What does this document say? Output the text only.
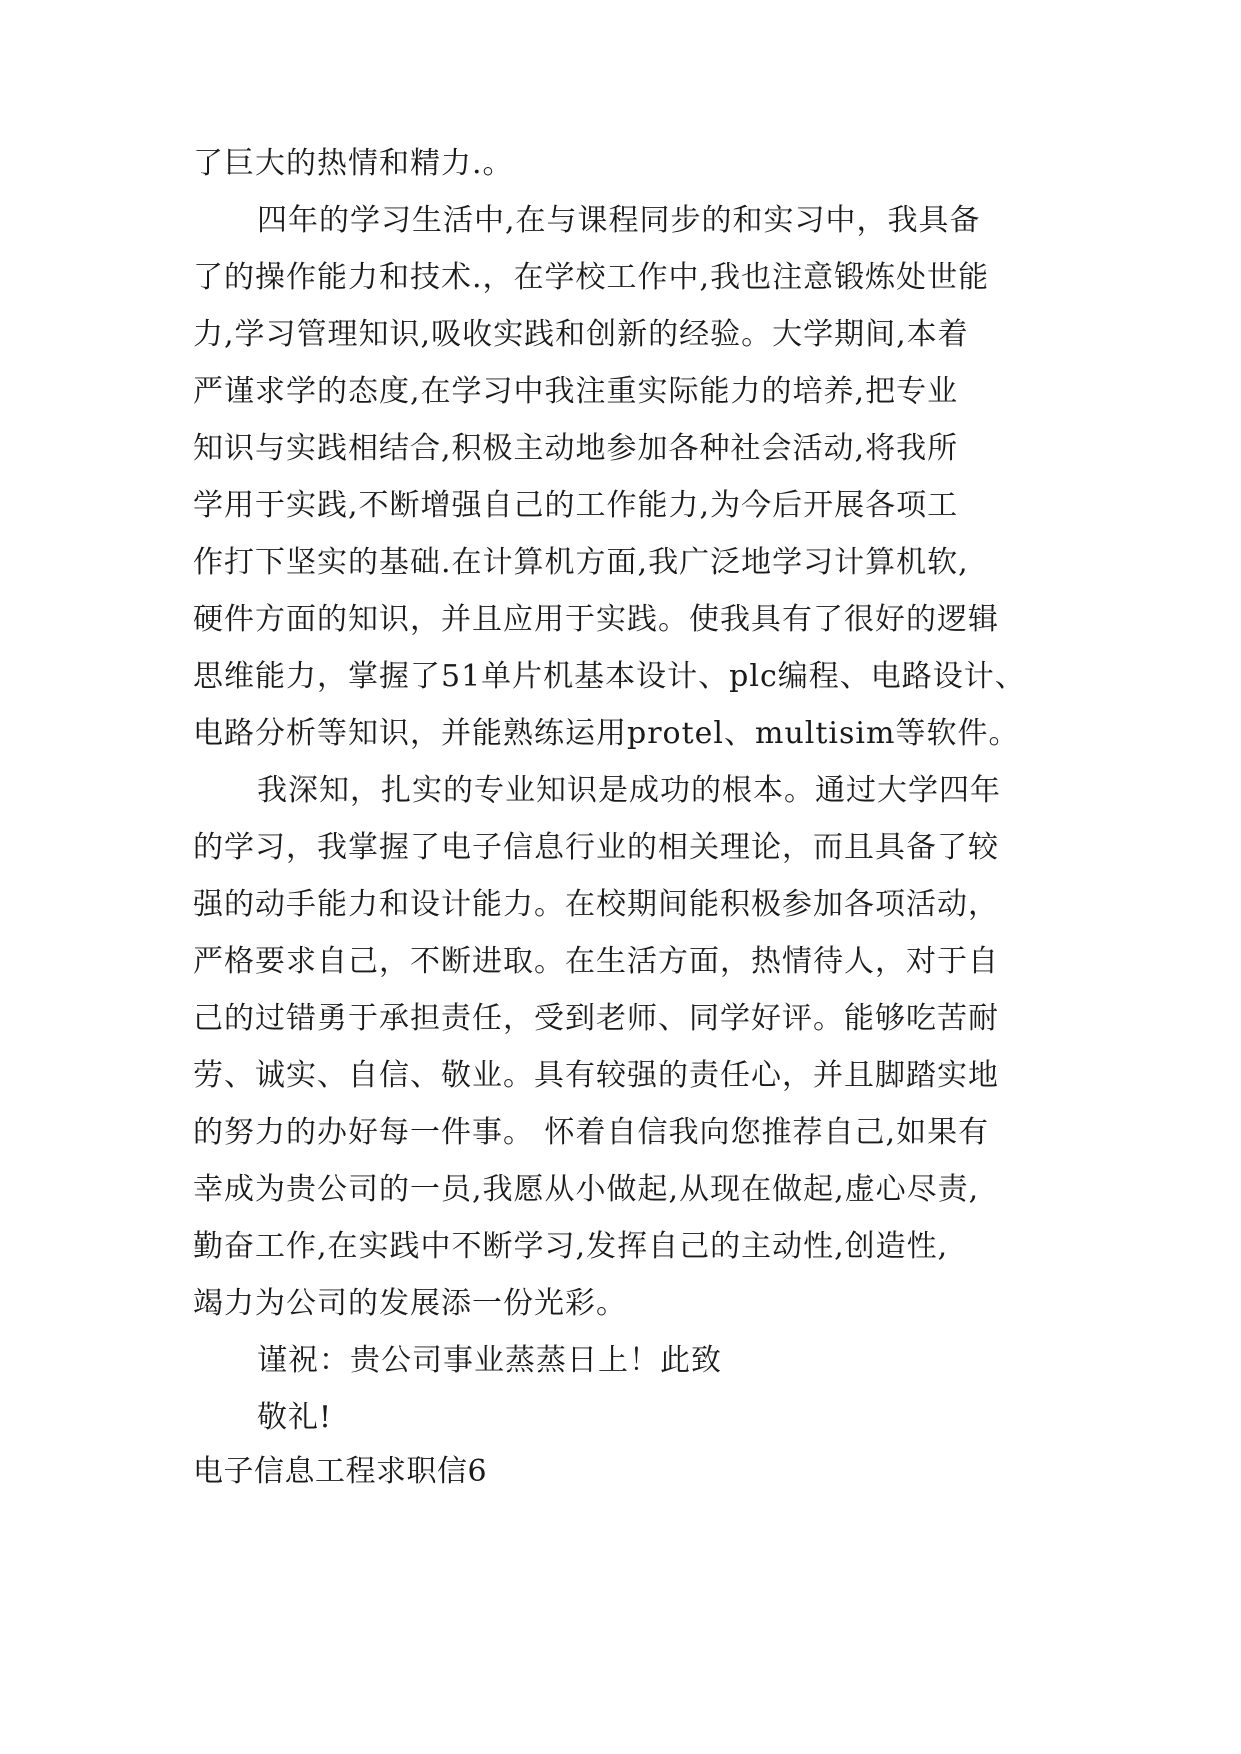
了巨大的热情和精力.。
四年的学习生活中,在与课程同步的和实习中，我具备
了的操作能力和技术.，在学校工作中,我也注意锻炼处世能
力,学习管理知识,吸收实践和创新的经验。大学期间,本着
严谨求学的态度,在学习中我注重实际能力的培养,把专业
知识与实践相结合,积极主动地参加各种社会活动,将我所
学用于实践,不断增强自己的工作能力,为今后开展各项工
作打下坚实的基础.在计算机方面,我广泛地学习计算机软,
硬件方面的知识，并且应用于实践。使我具有了很好的逻辑
思维能力，掌握了51单片机基本设计、plc编程、电路设计、
电路分析等知识，并能熟练运用protel、multisim等软件。
我深知，扎实的专业知识是成功的根本。通过大学四年
的学习，我掌握了电子信息行业的相关理论，而且具备了较
强的动手能力和设计能力。在校期间能积极参加各项活动，
严格要求自己，不断进取。在生活方面，热情待人，对于自
己的过错勇于承担责任，受到老师、同学好评。能够吃苦耐
劳、诚实、自信、敬业。具有较强的责任心，并且脚踏实地
的努力的办好每一件事。 怀着自信我向您推荐自己,如果有
幸成为贵公司的一员,我愿从小做起,从现在做起,虚心尽责,
勤奋工作,在实践中不断学习,发挥自己的主动性,创造性,
竭力为公司的发展添一份光彩。
谨祝：贵公司事业蒸蒸日上！此致
敬礼!
电子信息工程求职信6
